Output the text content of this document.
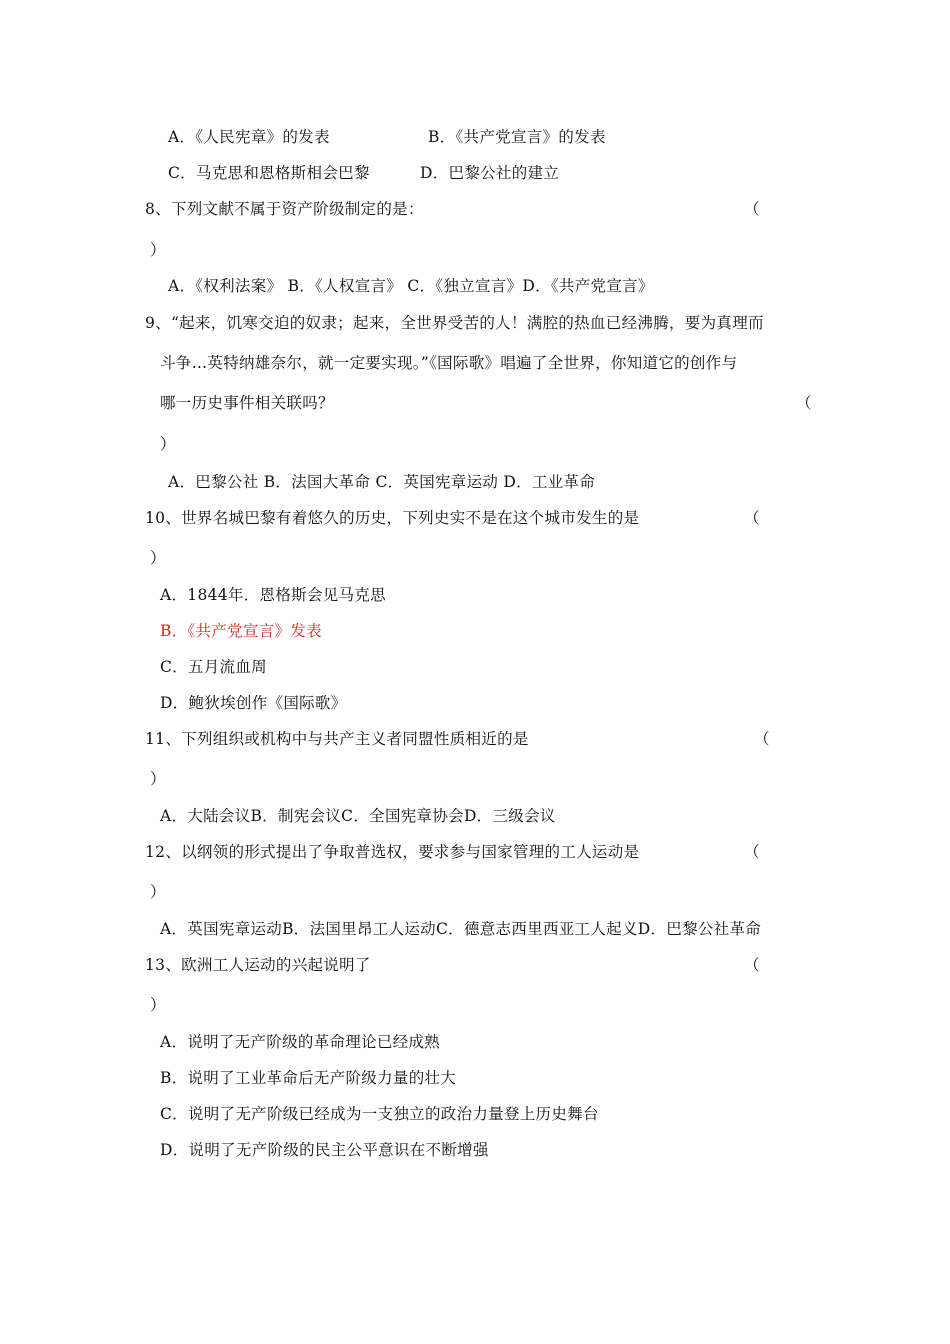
A．《人民宪章》的发表	B．《共产党宣言》的发表
C．马克思和恩格斯相会巴黎	D．巴黎公社的建立
8、下列文献不属于资产阶级制定的是：	（
）
A．《权利法案》 B．《人权宣言》 C．《独立宣言》D．《共产党宣言》
9、“起来，饥寒交迫的奴隶；起来，全世界受苦的人！满腔的热血已经沸腾，要为真理而
斗争…英特纳雄奈尔，就一定要实现。”《国际歌》唱遍了全世界，你知道它的创作与
哪一历史事件相关联吗？	（
）
A．巴黎公社 B．法国大革命 C．英国宪章运动 D．工业革命
10、世界名城巴黎有着悠久的历史，下列史实不是在这个城市发生的是	（
）
A．1844年．恩格斯会见马克思
B．《共产党宣言》发表
C．五月流血周
D．鲍狄埃创作《国际歌》
11、下列组织或机构中与共产主义者同盟性质相近的是	（
）
A．大陆会议B．制宪会议C．全国宪章协会D．三级会议
12、以纲领的形式提出了争取普选权，要求参与国家管理的工人运动是	（
）
A．英国宪章运动B．法国里昂工人运动C．德意志西里西亚工人起义D．巴黎公社革命
13、欧洲工人运动的兴起说明了	（
）
A．说明了无产阶级的革命理论已经成熟
B．说明了工业革命后无产阶级力量的壮大
C．说明了无产阶级已经成为一支独立的政治力量登上历史舞台
D．说明了无产阶级的民主公平意识在不断增强
